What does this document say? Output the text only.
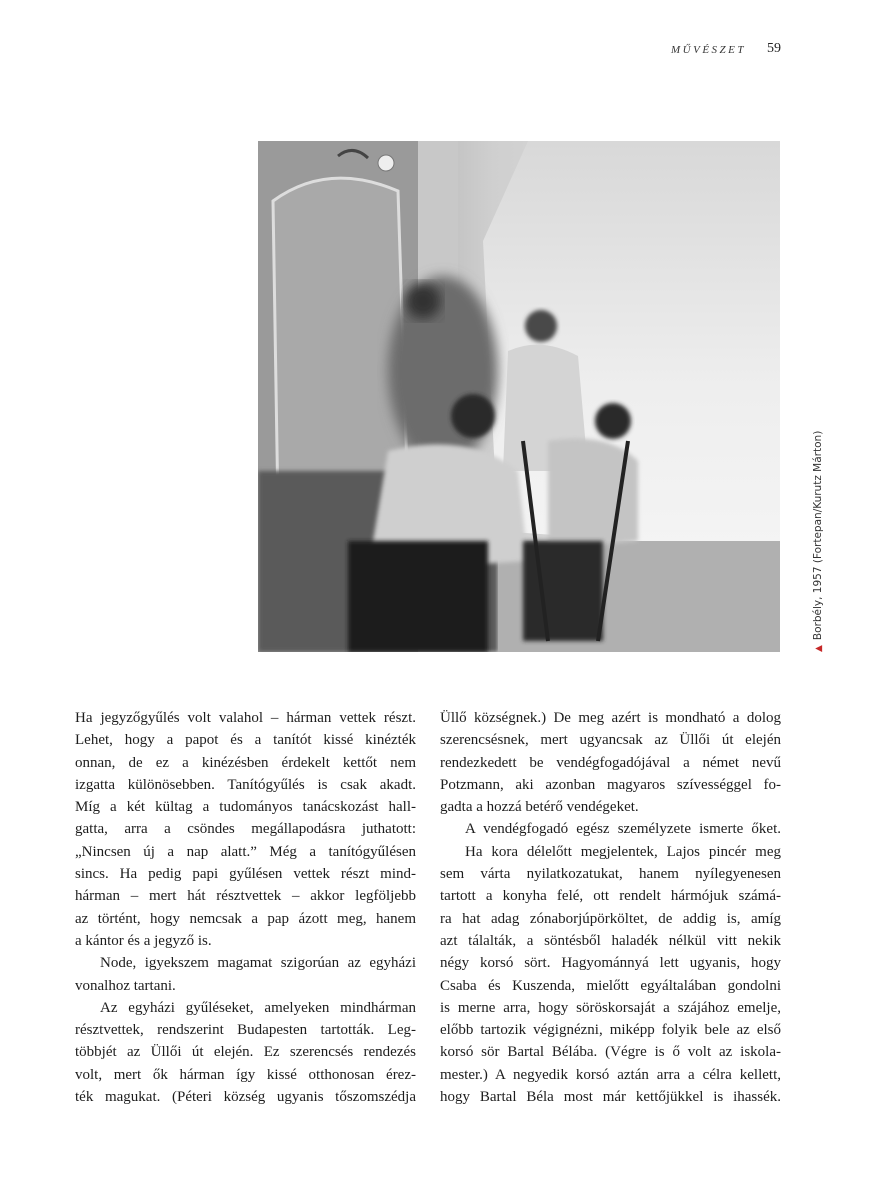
MŰVÉSZET 59
▲Borbély, 1957 (Fortepan/Kurutz Márton)
Ha jegyzőgyűlés volt valahol – hárman vettek részt.
Lehet, hogy a papot és a tanítót kissé kinézték
onnan, de ez a kinézésben érdekelt kettőt nem
izgatta különösebben. Tanítógyűlés is csak akadt.
Míg a két kültag a tudományos tanácskozást hall-
gatta, arra a csöndes megállapodásra juthatott:
„Nincsen új a nap alatt.” Még a tanítógyűlésen
sincs. Ha pedig papi gyűlésen vettek részt mind-
hárman – mert hát résztvettek – akkor legföljebb
az történt, hogy nemcsak a pap ázott meg, hanem
a kántor és a jegyző is.
Node, igyekszem magamat szigorúan az egyházi
vonalhoz tartani.
Az egyházi gyűléseket, amelyeken mindhárman
résztvettek, rendszerint Budapesten tartották. Leg-
többjét az Üllői út elején. Ez szerencsés rendezés
volt, mert ők hárman így kissé otthonosan érez-
ték magukat. (Péteri község ugyanis tőszomszédja
Üllő községnek.) De meg azért is mondható a dolog
szerencsésnek, mert ugyancsak az Üllői út elején
rendezkedett be vendégfogadójával a német nevű
Potzmann, aki azonban magyaros szívességgel fo-
gadta a hozzá betérő vendégeket.
A vendégfogadó egész személyzete ismerte őket.
Ha kora délelőtt megjelentek, Lajos pincér meg
sem várta nyilatkozatukat, hanem nyílegyenesen
tartott a konyha felé, ott rendelt hármójuk számá-
ra hat adag zónaborjúpörköltet, de addig is, amíg
azt tálalták, a söntésből haladék nélkül vitt nekik
négy korsó sört. Hagyománnyá lett ugyanis, hogy
Csaba és Kuszenda, mielőtt egyáltalában gondolni
is merne arra, hogy söröskorsaját a szájához emelje,
előbb tartozik végignézni, miképp folyik bele az első
korsó sör Bartal Bélába. (Végre is ő volt az iskola-
mester.) A negyedik korsó aztán arra a célra kellett,
hogy Bartal Béla most már kettőjükkel is ihassék.
